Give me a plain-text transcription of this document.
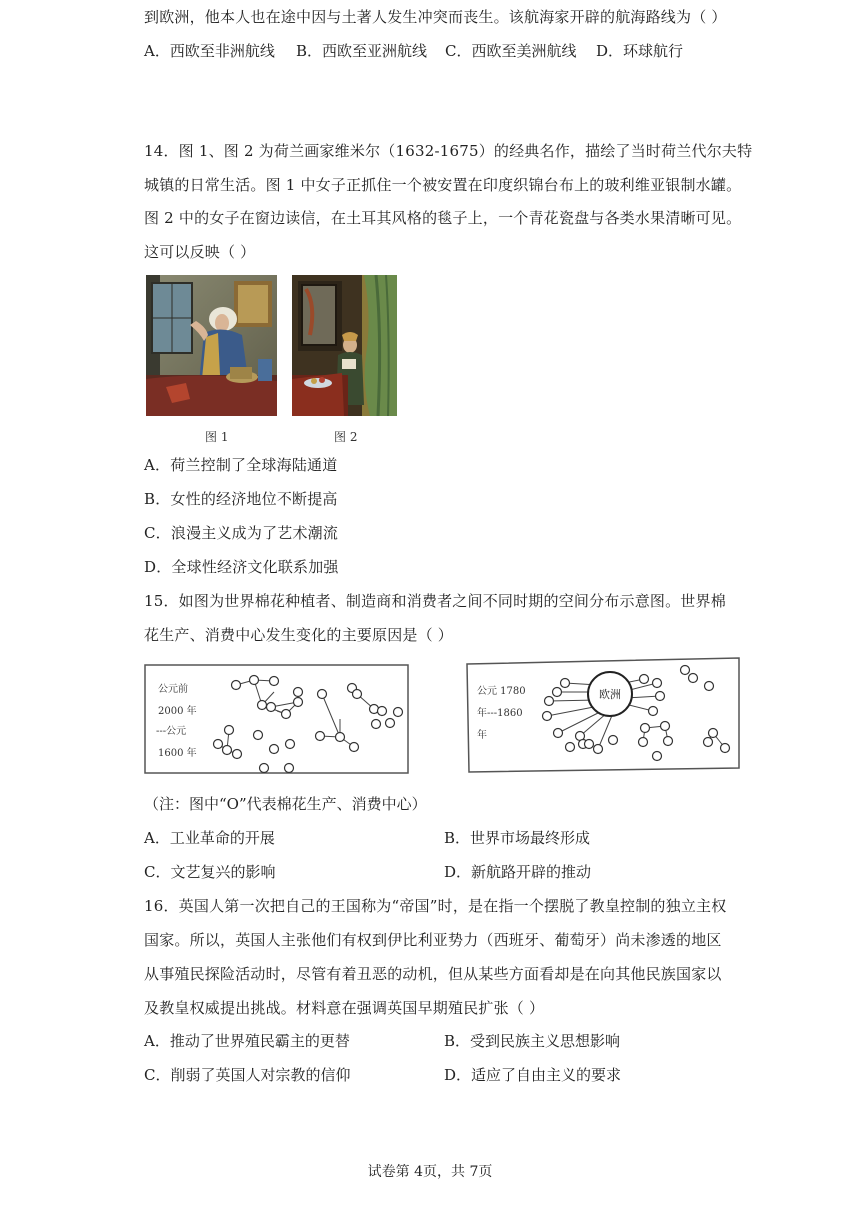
到欧洲，他本人也在途中因与土著人发生冲突而丧生。该航海家开辟的航海路线为（ ）
A．西欧至非洲航线 B．西欧至亚洲航线 C．西欧至美洲航线 D．环球航行
14．图 1、图 2 为荷兰画家维米尔（1632-1675）的经典名作，描绘了当时荷兰代尔夫特
城镇的日常生活。图 1 中女子正抓住一个被安置在印度织锦台布上的玻利维亚银制水罐。
图 2 中的女子在窗边读信，在土耳其风格的毯子上，一个青花瓷盘与各类水果清晰可见。
这可以反映（ ）
图 1	图 2
A．荷兰控制了全球海陆通道
B．女性的经济地位不断提高
C．浪漫主义成为了艺术潮流
D．全球性经济文化联系加强
15．如图为世界棉花种植者、制造商和消费者之间不同时期的空间分布示意图。世界棉
花生产、消费中心发生变化的主要原因是（ ）
公元前
2000 年
---公元
1600 年
公元 1780
年---1860
年
欧洲
（注：图中“O”代表棉花生产、消费中心）
A．工业革命的开展	B．世界市场最终形成
C．文艺复兴的影响	D．新航路开辟的推动
16．英国人第一次把自己的王国称为“帝国”时，是在指一个摆脱了教皇控制的独立主权
国家。所以，英国人主张他们有权到伊比利亚势力（西班牙、葡萄牙）尚未渗透的地区
从事殖民探险活动时，尽管有着丑恶的动机，但从某些方面看却是在向其他民族国家以
及教皇权威提出挑战。材料意在强调英国早期殖民扩张（ ）
A．推动了世界殖民霸主的更替	B．受到民族主义思想影响
C．削弱了英国人对宗教的信仰	D．适应了自由主义的要求
试卷第 4页，共 7页
